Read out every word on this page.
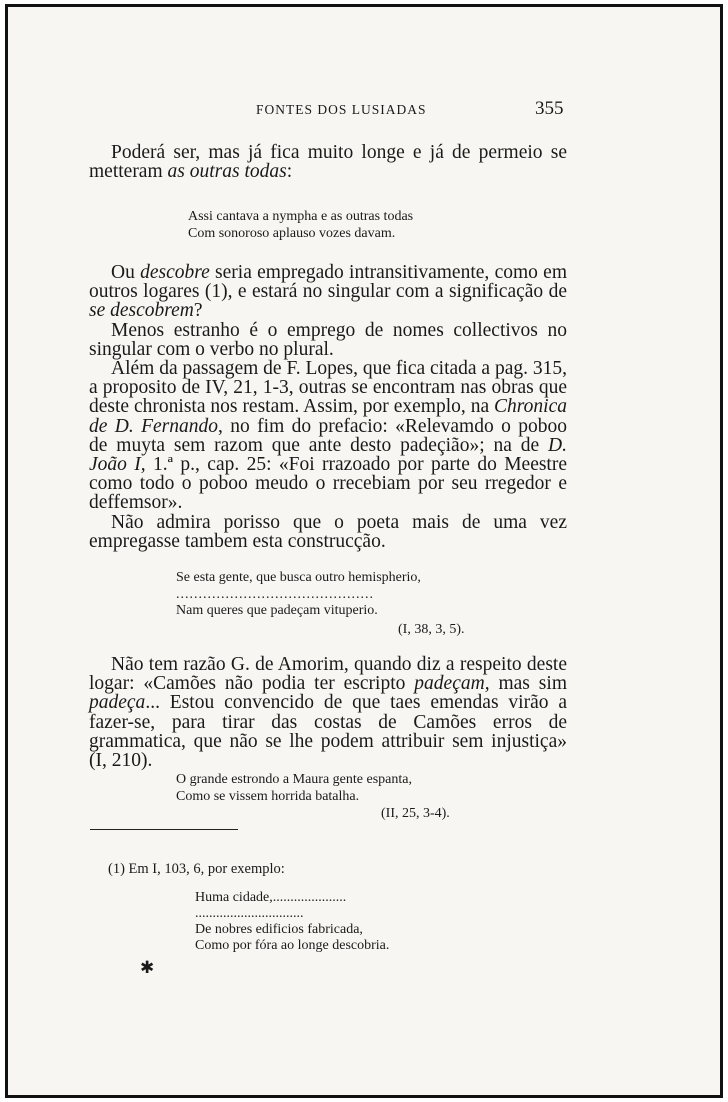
FONTES DOS LUSIADAS	355

Poderá ser, mas já fica muito longe e já de permeio se metteram as outras todas:

Assi cantava a nympha e as outras todas
Com sonoroso aplauso vozes davam.

Ou descobre seria empregado intransitivamente, como em outros logares (1), e estará no singular com a significação de se descobrem?

Menos estranho é o emprego de nomes collectivos no singular com o verbo no plural.

Além da passagem de F. Lopes, que fica citada a pag. 315, a proposito de IV, 21, 1-3, outras se encontram nas obras que deste chronista nos restam. Assim, por exemplo, na Chronica de D. Fernando, no fim do prefacio: «Relevamdo o poboo de muyta sem razom que ante desto padeçião»; na de D. João I, 1.ª p., cap. 25: «Foi rrazoado por parte do Meestre como todo o poboo meudo o rrecebiam por seu rregedor e deffemsor».

Não admira porisso que o poeta mais de uma vez empregasse tambem esta construcção.

Se esta gente, que busca outro hemispherio,
............................................
Nam queres que padeçam vituperio.
(I, 38, 3, 5).

Não tem razão G. de Amorim, quando diz a respeito deste logar: «Camões não podia ter escripto padeçam, mas sim padeça... Estou convencido de que taes emendas virão a fazer-se, para tirar das costas de Camões erros de grammatica, que não se lhe podem attribuir sem injustiça» (I, 210).

O grande estrondo a Maura gente espanta,
Como se vissem horrida batalha.
(II, 25, 3-4).
(1) Em I, 103, 6, por exemplo:
Huma cidade,.....................
...............................
De nobres edificios fabricada,
Como por fóra ao longe descobria.
✱
